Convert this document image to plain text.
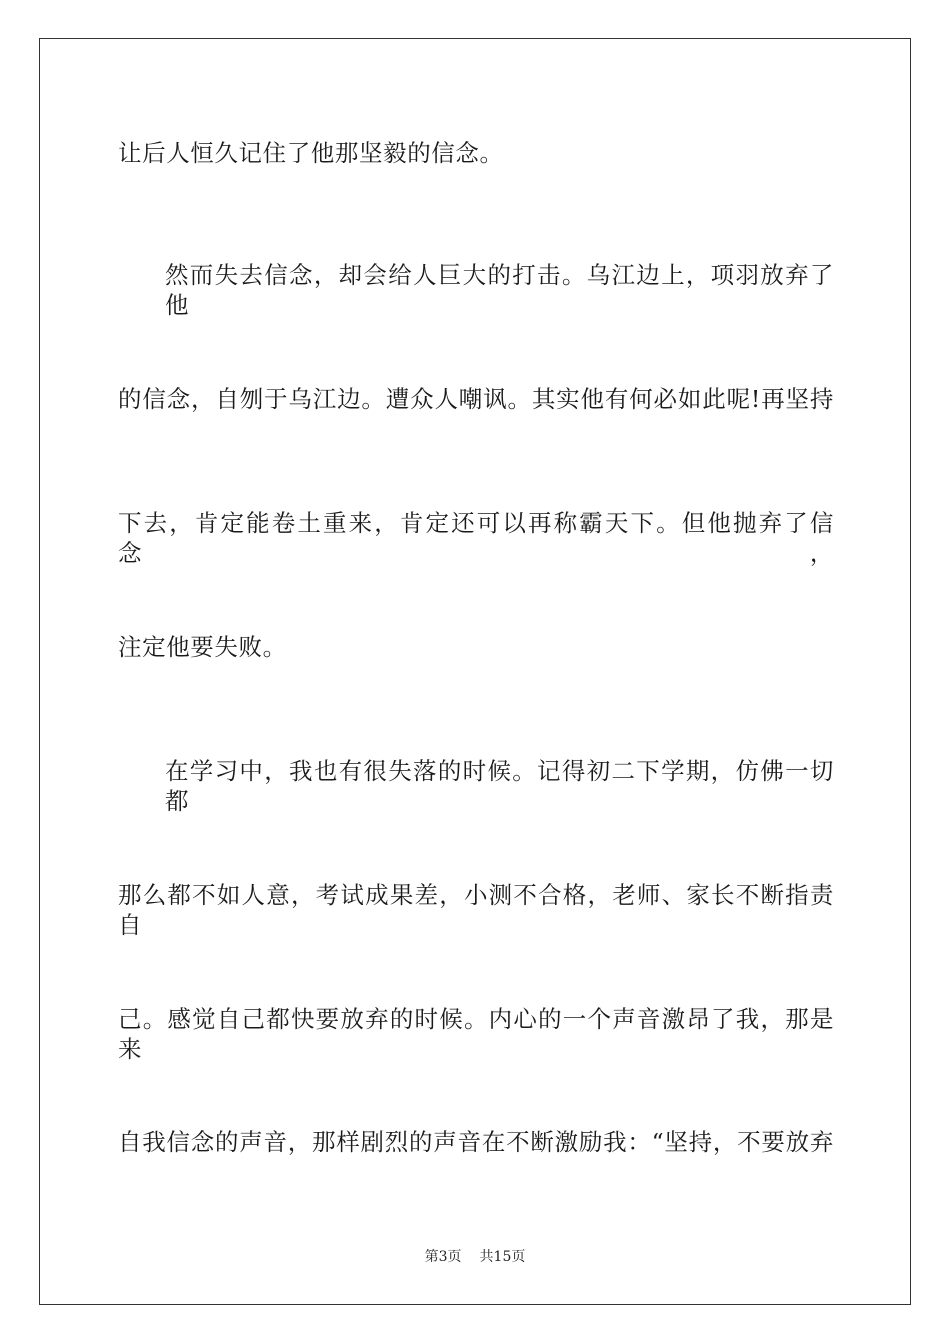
让后人恒久记住了他那坚毅的信念。
然而失去信念，却会给人巨大的打击。乌江边上，项羽放弃了他
的信念，自刎于乌江边。遭众人嘲讽。其实他有何必如此呢!再坚持
下去，肯定能卷土重来，肯定还可以再称霸天下。但他抛弃了信念，
注定他要失败。
在学习中，我也有很失落的时候。记得初二下学期，仿佛一切都
那么都不如人意，考试成果差，小测不合格，老师、家长不断指责自
己。感觉自己都快要放弃的时候。内心的一个声音激昂了我，那是来
自我信念的声音，那样剧烈的声音在不断激励我：“坚持，不要放弃
第3页 共15页
